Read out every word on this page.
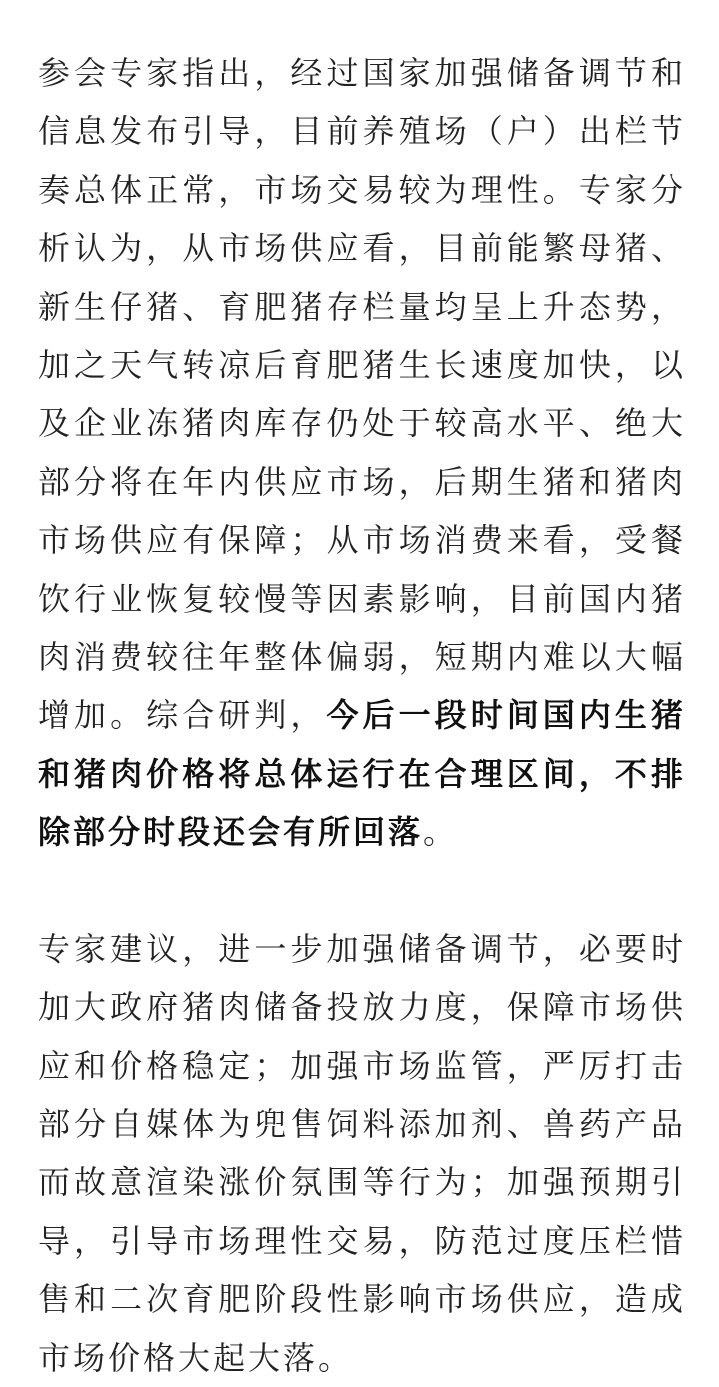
参会专家指出，经过国家加强储备调节和信息发布引导，目前养殖场（户）出栏节奏总体正常，市场交易较为理性。专家分析认为，从市场供应看，目前能繁母猪、新生仔猪、育肥猪存栏量均呈上升态势，加之天气转凉后育肥猪生长速度加快，以及企业冻猪肉库存仍处于较高水平、绝大部分将在年内供应市场，后期生猪和猪肉市场供应有保障；从市场消费来看，受餐饮行业恢复较慢等因素影响，目前国内猪肉消费较往年整体偏弱，短期内难以大幅增加。综合研判，今后一段时间国内生猪和猪肉价格将总体运行在合理区间，不排除部分时段还会有所回落。

专家建议，进一步加强储备调节，必要时加大政府猪肉储备投放力度，保障市场供应和价格稳定；加强市场监管，严厉打击部分自媒体为兜售饲料添加剂、兽药产品而故意渲染涨价氛围等行为；加强预期引导，引导市场理性交易，防范过度压栏惜售和二次育肥阶段性影响市场供应，造成市场价格大起大落。
